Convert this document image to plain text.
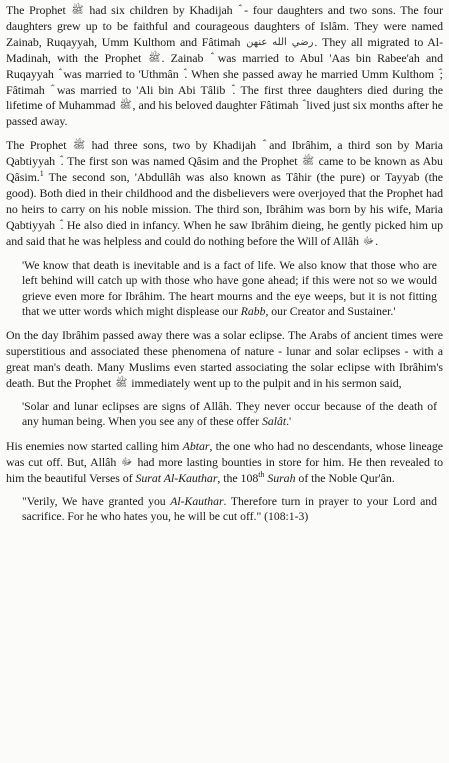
The Prophet ﷺ had six children by Khadijah - four daughters and two sons. The four daughters grew up to be faithful and courageous daughters of Islâm. They were named Zainab, Ruqayyah, Umm Kulthom and Fâtimah رضي الله عنهن. They all migrated to Al-Madinah, with the Prophet ﷺ. Zainab was married to Abul 'Aas bin Rabee'ah and Ruqayyah was married to 'Uthmân . When she passed away he married Umm Kulthom ; Fâtimah was married to 'Ali bin Abi Tâlib . The first three daughters died during the lifetime of Muhammad ﷺ, and his beloved daughter Fâtimah lived just six months after he passed away.

The Prophet ﷺ had three sons, two by Khadijah and Ibrâhim, a third son by Maria Qabtiyyah . The first son was named Qâsim and the Prophet ﷺ came to be known as Abu Qâsim.$^1$ The second son, 'Abdullâh was also known as Tâhir (the pure) or Tayyab (the good). Both died in their childhood and the disbelievers were overjoyed that the Prophet had no heirs to carry on his noble mission. The third son, Ibrâhim was born by his wife, Maria Qabtiyyah . He also died in infancy. When he saw Ibrâhim dieing, he gently picked him up and said that he was helpless and could do nothing before the Will of Allâh ﷻ.

'We know that death is inevitable and is a fact of life. We also know that those who are left behind will catch up with those who have gone ahead; if this were not so we would grieve even more for Ibrâhim. The heart mourns and the eye weeps, but it is not fitting that we utter words which might displease our Rabb, our Creator and Sustainer.'

On the day Ibrâhim passed away there was a solar eclipse. The Arabs of ancient times were superstitious and associated these phenomena of nature - lunar and solar eclipses - with a great man's death. Many Muslims even started associating the solar eclipse with Ibrâhim's death. But the Prophet ﷺ immediately went up to the pulpit and in his sermon said,

'Solar and lunar eclipses are signs of Allâh. They never occur because of the death of any human being. When you see any of these offer Salât.'

His enemies now started calling him Abtar, the one who had no descendants, whose lineage was cut off. But, Allâh ﷻ had more lasting bounties in store for him. He then revealed to him the beautiful Verses of Surat Al-Kauthar, the 108th Surah of the Noble Qur'ân.

"Verily, We have granted you Al-Kauthar. Therefore turn in prayer to your Lord and sacrifice. For he who hates you, he will be cut off." (108:1-3)
